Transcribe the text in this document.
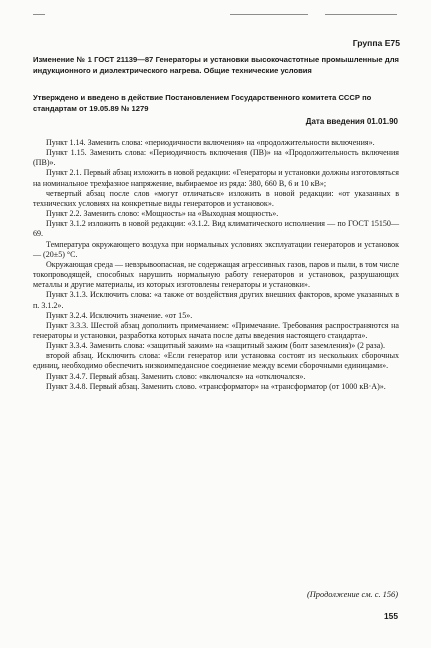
Группа Е75
Изменение № 1 ГОСТ 21139—87 Генераторы и установки высокочастотные промышленные для индукционного и диэлектрического нагрева. Общие технические условия
Утверждено и введено в действие Постановлением Государственного комитета СССР по стандартам от 19.05.89 № 1279
Дата введения 01.01.90

Пункт 1.14. Заменить слова: «периодичности включения» на «продолжительности включения».

Пункт 1.15. Заменить слова: «Периодичность включения (ПВ)» на «Продолжительность включения (ПВ)».

Пункт 2.1. Первый абзац изложить в новой редакции: «Генераторы и установки должны изготовляться на номинальное трехфазное напряжение, выбираемое из ряда: 380, 660 В, 6 и 10 кВ»;

четвертый абзац после слов «могут отличаться» изложить в новой редакции: «от указанных в технических условиях на конкретные виды генераторов и установок».

Пункт 2.2. Заменить слово: «Мощность» на «Выходная мощность».

Пункт 3.1.2 изложить в новой редакции: «3.1.2. Вид климатического исполнения — по ГОСТ 15150—69.

Температура окружающего воздуха при нормальных условиях эксплуатации генераторов и установок — (20±5) °С.

Окружающая среда — невзрывоопасная, не содержащая агрессивных газов, паров и пыли, в том числе токопроводящей, способных нарушить нормальную работу генераторов и установок, разрушающих металлы и другие материалы, из которых изготовлены генераторы и установки».

Пункт 3.1.3. Исключить слова: «а также от воздействия других внешних факторов, кроме указанных в п. 3.1.2».

Пункт 3.2.4. Исключить значение. «от 15».

Пункт 3.3.3. Шестой абзац дополнить примечанием: «Примечание. Требования распространяются на генераторы и установки, разработка которых начата после даты введения настоящего стандарта».

Пункт 3.3.4. Заменить слова: «защитный зажим» на «защитный зажим (болт заземления)» (2 раза).

второй абзац. Исключить слова: «Если генератор или установка состоят из нескольких сборочных единиц, необходимо обеспечить низкоимпедансное соединение между всеми сборочными единицами».

Пункт 3.4.7. Первый абзац. Заменить слово: «включался» на «отключался».

Пункт 3.4.8. Первый абзац. Заменить слово. «трансформатор» на «трансформатор (от 1000 кВ·А)».

(Продолжение см. с. 156)
155
